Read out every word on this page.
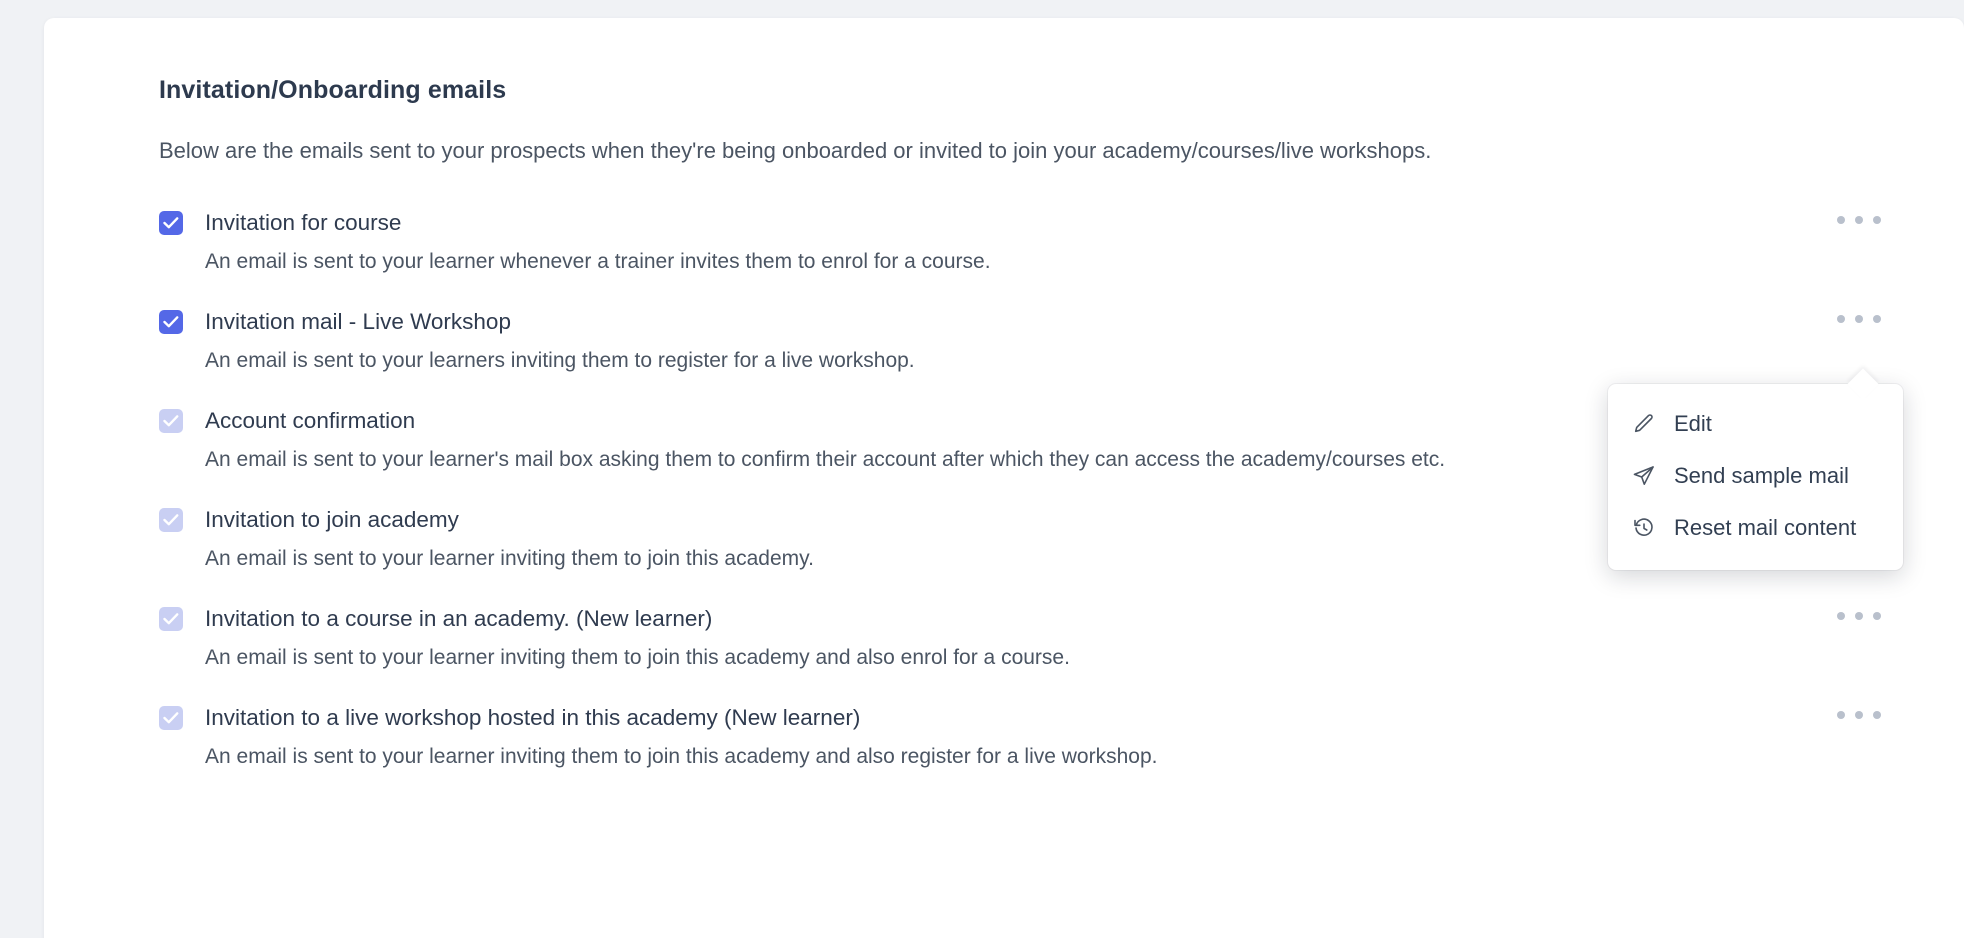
Invitation/Onboarding emails
Below are the emails sent to your prospects when they're being onboarded or invited to join your academy/courses/live workshops.
Invitation for course
An email is sent to your learner whenever a trainer invites them to enrol for a course.
Invitation mail - Live Workshop
An email is sent to your learners inviting them to register for a live workshop.
Account confirmation
An email is sent to your learner's mail box asking them to confirm their account after which they can access the academy/courses etc.
Invitation to join academy
An email is sent to your learner inviting them to join this academy.
Invitation to a course in an academy. (New learner)
An email is sent to your learner inviting them to join this academy and also enrol for a course.
Invitation to a live workshop hosted in this academy (New learner)
An email is sent to your learner inviting them to join this academy and also register for a live workshop.
Edit
Send sample mail
Reset mail content
